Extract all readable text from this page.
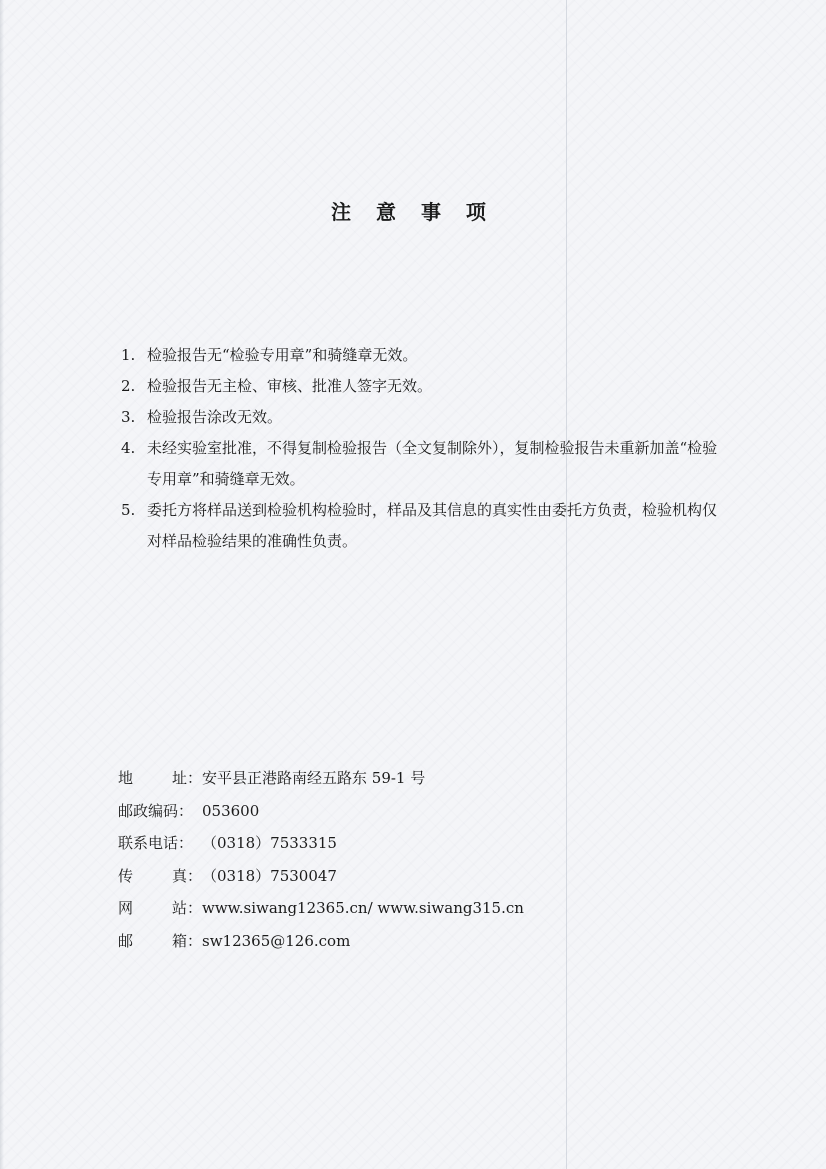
注 意 事 项
1. 检验报告无“检验专用章”和骑缝章无效。
2. 检验报告无主检、审核、批准人签字无效。
3. 检验报告涂改无效。
4. 未经实验室批准，不得复制检验报告（全文复制除外），复制检验报告未重新加盖“检验专用章”和骑缝章无效。
5. 委托方将样品送到检验机构检验时，样品及其信息的真实性由委托方负责，检验机构仅对样品检验结果的准确性负责。
地	址： 安平县正港路南经五路东 59-1 号
邮政编码： 053600
联系电话： （0318）7533315
传	真： （0318）7530047
网	站： www.siwang12365.cn/ www.siwang315.cn
邮	箱： sw12365@126.com
